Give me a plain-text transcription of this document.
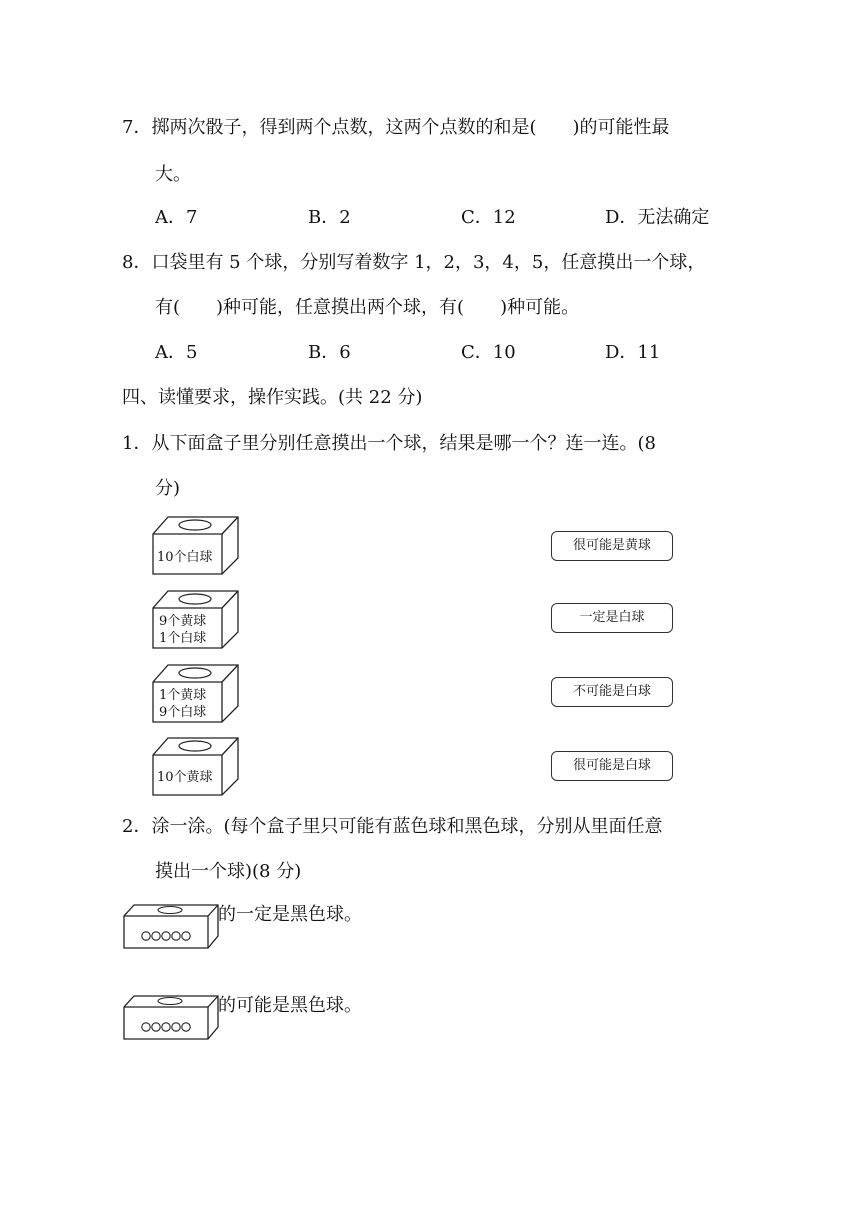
7．掷两次骰子，得到两个点数，这两个点数的和是(　　)的可能性最
大。
A．7	B．2	C．12	D．无法确定
8．口袋里有 5 个球，分别写着数字 1，2，3，4，5，任意摸出一个球，
有(　　)种可能，任意摸出两个球，有(　　)种可能。
A．5	B．6	C．10	D．11
四、读懂要求，操作实践。(共 22 分)
1．从下面盒子里分别任意摸出一个球，结果是哪一个？连一连。(8
分)
10个白球
9个黄球
1个白球
1个黄球
9个白球
10个黄球
很可能是黄球
一定是白球
不可能是白球
很可能是白球
2．涂一涂。(每个盒子里只可能有蓝色球和黑色球，分别从里面任意
摸出一个球)(8 分)
的一定是黑色球。
的可能是黑色球。
